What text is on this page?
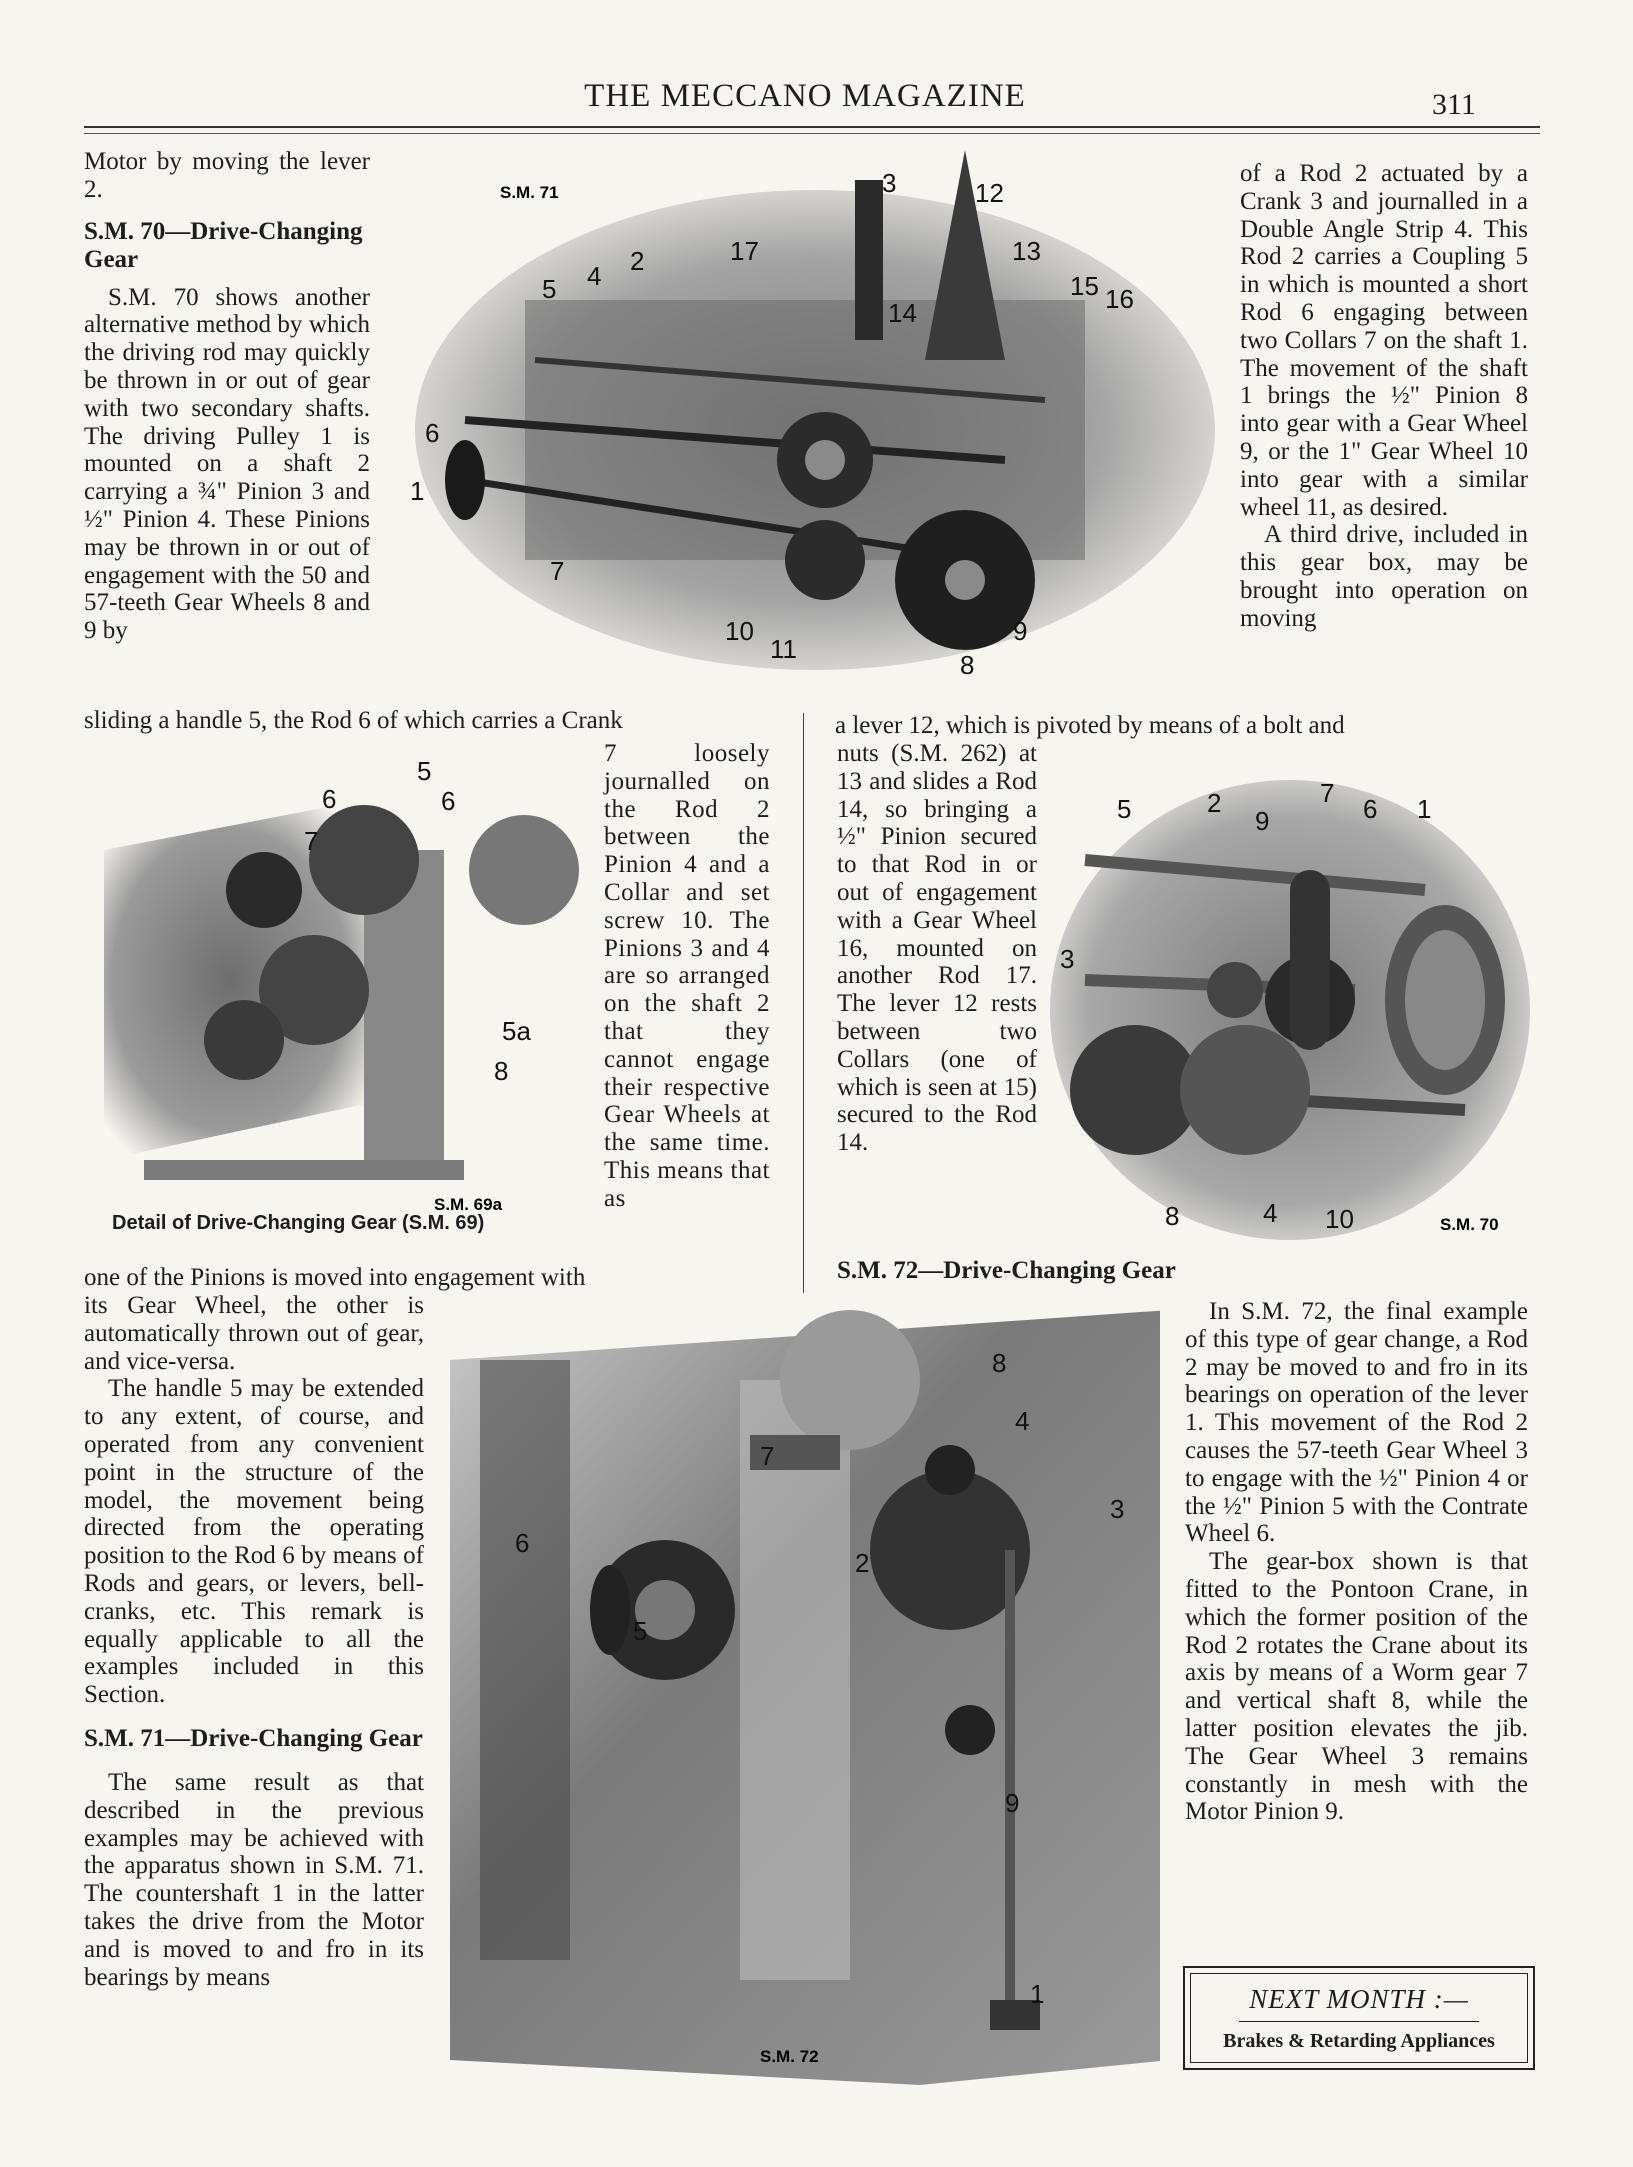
THE MECCANO MAGAZINE	311

Motor by moving the lever 2.

S.M. 70—Drive-Changing Gear

S.M. 70 shows another alternative method by which the driving rod may quickly be thrown in or out of gear with two secondary shafts. The driving Pulley 1 is mounted on a shaft 2 carrying a ¾" Pinion 3 and ½" Pinion 4. These Pinions may be thrown in or out of engagement with the 50 and 57-teeth Gear Wheels 8 and 9 by

sliding a handle 5, the Rod 6 of which carries a Crank
S.M. 71	3	12
13
15 16
14
17
2
4
5
6
1
7
10
11
8
9

of a Rod 2 actuated by a Crank 3 and journalled in a Double Angle Strip 4. This Rod 2 carries a Coupling 5 in which is mounted a short Rod 6 engaging between two Collars 7 on the shaft 1. The movement of the shaft 1 brings the ½" Pinion 8 into gear with a Gear Wheel 9, or the 1" Gear Wheel 10 into gear with a similar wheel 11, as desired.

A third drive, included in this gear box, may be brought into operation on moving

a lever 12, which is pivoted by means of a bolt and
S.M. 69a
5
6	6
7
5a
8
Detail of Drive-Changing Gear (S.M. 69)
7 loosely journalled on the Rod 2 between the Pinion 4 and a Collar and set screw 10. The Pinions 3 and 4 are so arranged on the shaft 2 that they cannot engage their respective Gear Wheels at the same time. This means that as
one of the Pinions is moved into engagement with
nuts (S.M. 262) at 13 and slides a Rod 14, so bringing a ½" Pinion secured to that Rod in or out of engagement with a Gear Wheel 16, mounted on another Rod 17. The lever 12 rests between two Collars (one of which is seen at 15) secured to the Rod 14.
S.M. 70
5	2	7
9	6 1
3
8	4 10
S.M. 72—Drive-Changing Gear

its Gear Wheel, the other is automatically thrown out of gear, and vice-versa.

The handle 5 may be extended to any extent, of course, and operated from any convenient point in the structure of the model, the movement being directed from the operating position to the Rod 6 by means of Rods and gears, or levers, bell-cranks, etc. This remark is equally applicable to all the examples included in this Section.

S.M. 71—Drive-Changing Gear

The same result as that described in the previous examples may be achieved with the apparatus shown in S.M. 71. The countershaft 1 in the latter takes the drive from the Motor and is moved to and fro in its bearings by means

8
4
7
3
6
2
5
9
1
S.M. 72

In S.M. 72, the final example of this type of gear change, a Rod 2 may be moved to and fro in its bearings on operation of the lever 1. This movement of the Rod 2 causes the 57-teeth Gear Wheel 3 to engage with the ½" Pinion 4 or the ½" Pinion 5 with the Contrate Wheel 6.

The gear-box shown is that fitted to the Pontoon Crane, in which the former position of the Rod 2 rotates the Crane about its axis by means of a Worm gear 7 and vertical shaft 8, while the latter position elevates the jib. The Gear Wheel 3 remains constantly in mesh with the Motor Pinion 9.

NEXT MONTH :—
Brakes & Retarding Appliances
